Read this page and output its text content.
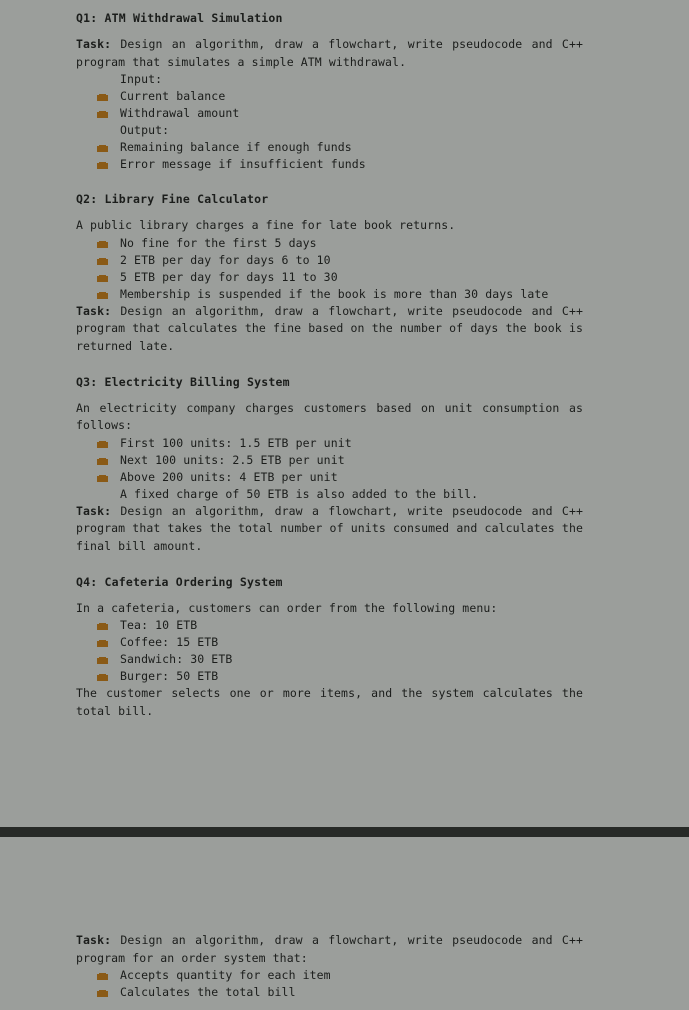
Q1: ATM Withdrawal Simulation

Task: Design an algorithm, draw a flowchart, write pseudocode and C++ program that simulates a simple ATM withdrawal.

Input:
Current balance
Withdrawal amount
Output:
Remaining balance if enough funds
Error message if insufficient funds
Q2: Library Fine Calculator

A public library charges a fine for late book returns.

No fine for the first 5 days
2 ETB per day for days 6 to 10
5 ETB per day for days 11 to 30
Membership is suspended if the book is more than 30 days late

Task: Design an algorithm, draw a flowchart, write pseudocode and C++ program that calculates the fine based on the number of days the book is returned late.

Q3: Electricity Billing System

An electricity company charges customers based on unit consumption as follows:

First 100 units: 1.5 ETB per unit
Next 100 units: 2.5 ETB per unit
Above 200 units: 4 ETB per unit
A fixed charge of 50 ETB is also added to the bill.

Task: Design an algorithm, draw a flowchart, write pseudocode and C++ program that takes the total number of units consumed and calculates the final bill amount.

Q4: Cafeteria Ordering System

In a cafeteria, customers can order from the following menu:

Tea: 10 ETB
Coffee: 15 ETB
Sandwich: 30 ETB
Burger: 50 ETB

The customer selects one or more items, and the system calculates the total bill.

Task: Design an algorithm, draw a flowchart, write pseudocode and C++ program for an order system that:

Accepts quantity for each item
Calculates the total bill
